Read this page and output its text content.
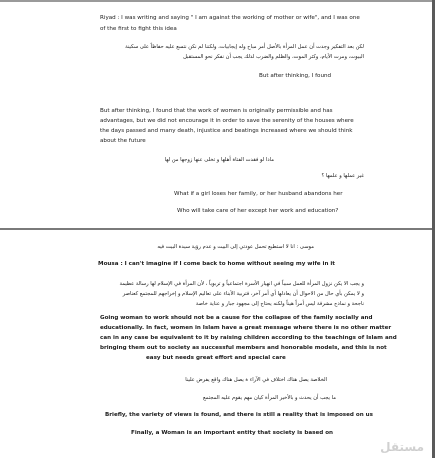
Riyad : I was writing and saying " I am against the working of mother or wife", and I was one
of the first to fight this idea
لكن بعد التفكير وجدت أن عمل المرأة بالأصل أمر مباح وله إيجابيات، ولكننا لم نكن نتسع عليه حفاظاً على سكينة
البيوت، ومرت الأيام، وكثر الموت، والظلم والضرب لذلك يجب أن نفكر نحو المستقبل
But after thinking, I found
But after thinking, I found that the work of women is originally permissible and has
advantages, but we did not encourage it in order to save the serenity of the houses where
the days passed and many death, injustice and beatings increased where we should think
about the future
ماذا لو فقدت الفتاة أهلها و تخلى عنها زوجها من لها
غير عملها و علمها ؟
What if a girl loses her family, or her husband abandons her
Who will take care of her except her work and education?
موسى : انا لا استطيع تحمل عودتي إلى البيت و عدم رؤية سيدة البيت فيه
Mousa : I can't imagine if I come back to home without seeing my wife in it
و يجب الا يكن نزول المرأة للعمل سبباً في انهيار الأسرة اجتماعياً و تربوياً ، لأن المرأة في الإسلام لها رسالة عظيمة
و لا يمكن بأي حال من الاحوال أن يعادلها أي أمر آخر، فتربية الأبناء على تعاليم الإسلام و إخراجهم للمجتمع كعناصر
ناجحة و نماذج مشرفة ليس أمراً هيناً ولكنه يحتاج إلى مجهود جبار و عناية خاصة
Going woman to work should not be a cause for the collapse of the family socially and
educationally. In fact, women in Islam have a great message where there is no other matter
can in any case be equivalent to it by raising children according to the teachings of Islam and
bringing them out to society as successful members and honorable models, and this is not
easy but needs great effort and special care
الخلاصة يصل هناك اختلاف في الآراء ة يصل هناك واقع يفرض علينا
ما يجب أن يحدث و بالأخير المرأة كيان مهم يقوم عليه المجتمع
Briefly, the variety of views is found, and there is still a reality that is imposed on us
Finally, a Woman is an important entity that society is based on
مستقل
